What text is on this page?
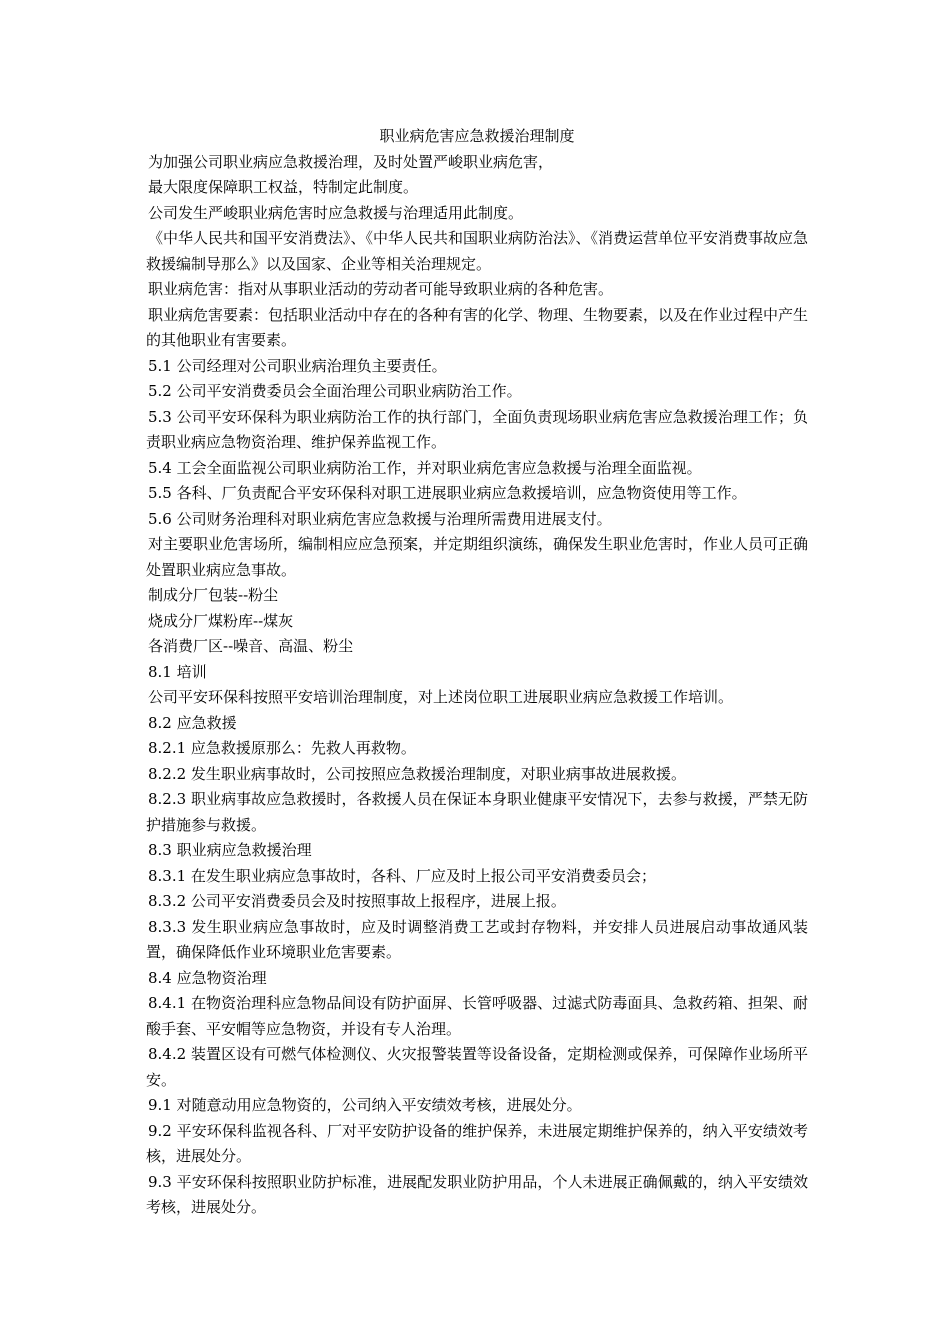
职业病危害应急救援治理制度

为加强公司职业病应急救援治理，及时处置严峻职业病危害，

最大限度保障职工权益，特制定此制度。

公司发生严峻职业病危害时应急救援与治理适用此制度。

《中华人民共和国平安消费法》、《中华人民共和国职业病防治法》、《消费运营单位平安消费事故应急救援编制导那么》以及国家、企业等相关治理规定。

职业病危害：指对从事职业活动的劳动者可能导致职业病的各种危害。

职业病危害要素：包括职业活动中存在的各种有害的化学、物理、生物要素，以及在作业过程中产生的其他职业有害要素。

5.1 公司经理对公司职业病治理负主要责任。

5.2 公司平安消费委员会全面治理公司职业病防治工作。

5.3 公司平安环保科为职业病防治工作的执行部门，全面负责现场职业病危害应急救援治理工作；负责职业病应急物资治理、维护保养监视工作。

5.4 工会全面监视公司职业病防治工作，并对职业病危害应急救援与治理全面监视。

5.5 各科、厂负责配合平安环保科对职工进展职业病应急救援培训，应急物资使用等工作。

5.6 公司财务治理科对职业病危害应急救援与治理所需费用进展支付。

对主要职业危害场所，编制相应应急预案，并定期组织演练，确保发生职业危害时，作业人员可正确处置职业病应急事故。

制成分厂包装--粉尘

烧成分厂煤粉库--煤灰

各消费厂区--噪音、高温、粉尘

8.1 培训

公司平安环保科按照平安培训治理制度，对上述岗位职工进展职业病应急救援工作培训。

8.2 应急救援

8.2.1 应急救援原那么：先救人再救物。

8.2.2 发生职业病事故时，公司按照应急救援治理制度，对职业病事故进展救援。

8.2.3 职业病事故应急救援时，各救援人员在保证本身职业健康平安情况下，去参与救援，严禁无防护措施参与救援。

8.3 职业病应急救援治理

8.3.1 在发生职业病应急事故时，各科、厂应及时上报公司平安消费委员会；

8.3.2 公司平安消费委员会及时按照事故上报程序，进展上报。

8.3.3 发生职业病应急事故时，应及时调整消费工艺或封存物料，并安排人员进展启动事故通风装置，确保降低作业环境职业危害要素。

8.4 应急物资治理

8.4.1 在物资治理科应急物品间设有防护面屏、长管呼吸器、过滤式防毒面具、急救药箱、担架、耐酸手套、平安帽等应急物资，并设有专人治理。

8.4.2 装置区设有可燃气体检测仪、火灾报警装置等设备设备，定期检测或保养，可保障作业场所平安。

9.1 对随意动用应急物资的，公司纳入平安绩效考核，进展处分。

9.2 平安环保科监视各科、厂对平安防护设备的维护保养，未进展定期维护保养的，纳入平安绩效考核，进展处分。

9.3 平安环保科按照职业防护标准，进展配发职业防护用品，个人未进展正确佩戴的，纳入平安绩效考核，进展处分。
